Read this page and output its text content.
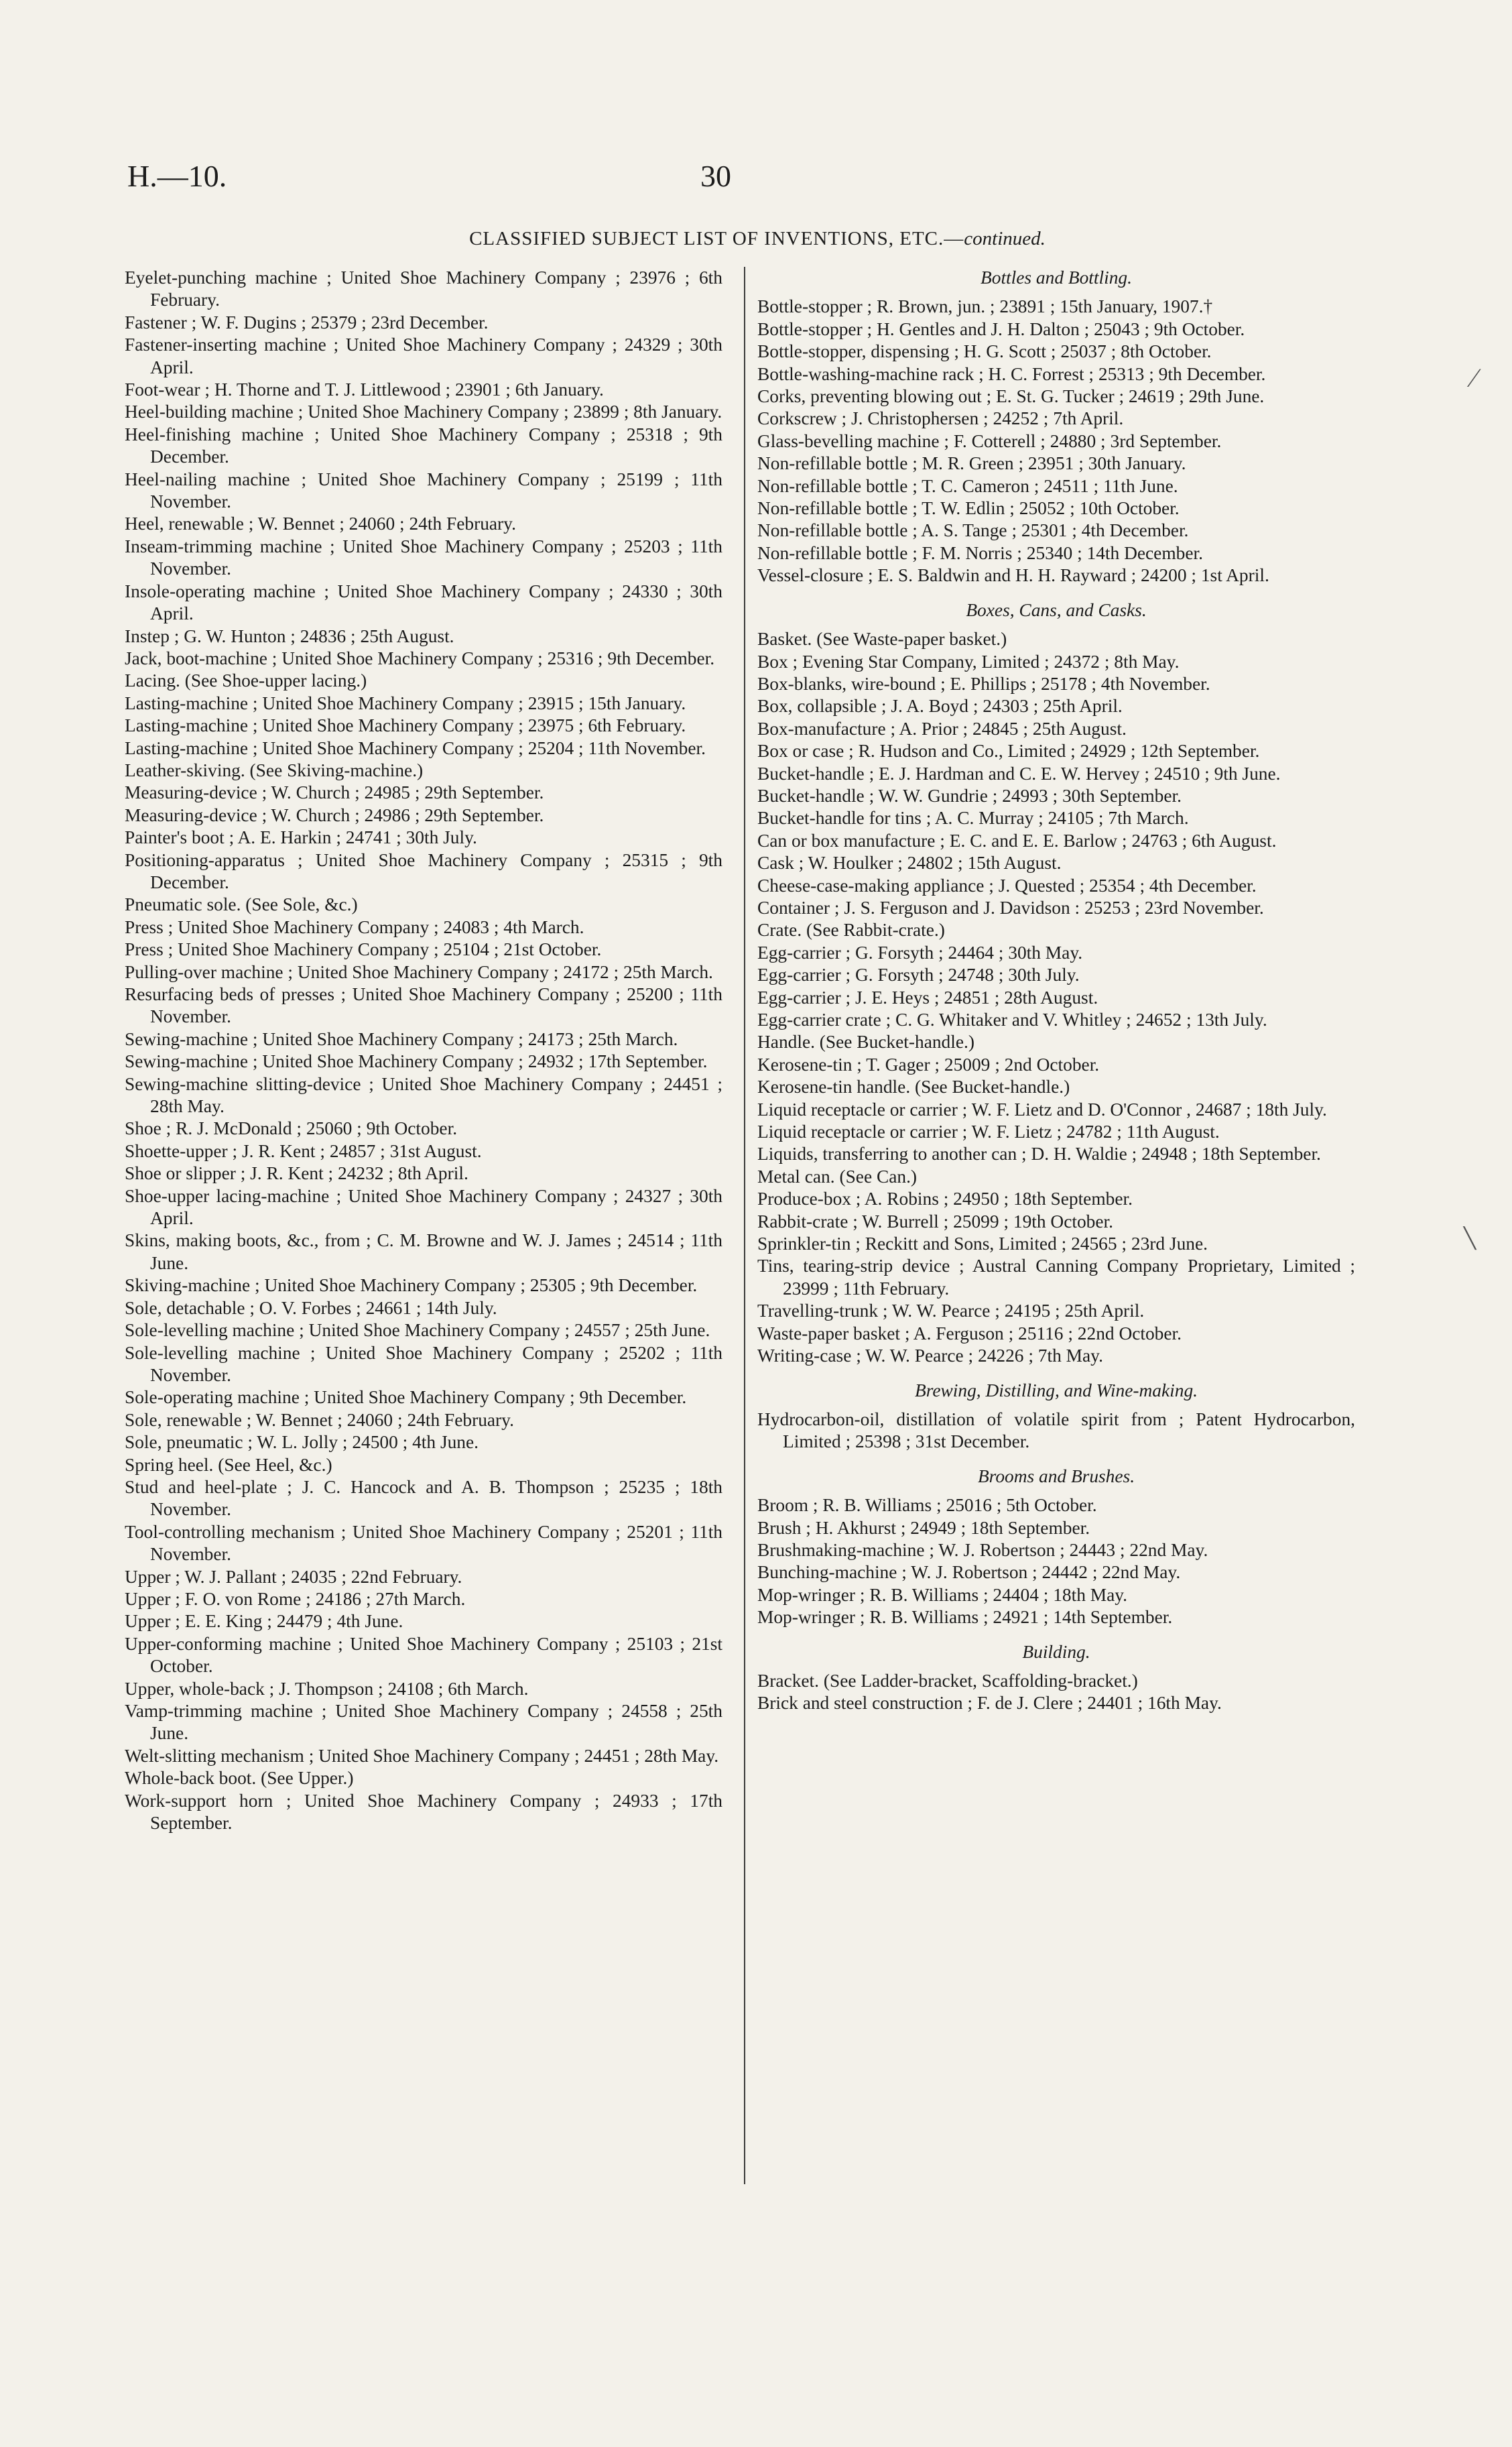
H.—10.	30
CLASSIFIED SUBJECT LIST OF INVENTIONS, ETC.—continued.
Eyelet-punching machine ; United Shoe Machinery Company ; 23976 ; 6th February.
Fastener ; W. F. Dugins ; 25379 ; 23rd December.
Fastener-inserting machine ; United Shoe Machinery Company ; 24329 ; 30th April.
Foot-wear ; H. Thorne and T. J. Littlewood ; 23901 ; 6th January.
Heel-building machine ; United Shoe Machinery Company ; 23899 ; 8th January.
Heel-finishing machine ; United Shoe Machinery Company ; 25318 ; 9th December.
Heel-nailing machine ; United Shoe Machinery Company ; 25199 ; 11th November.
Heel, renewable ; W. Bennet ; 24060 ; 24th February.
Inseam-trimming machine ; United Shoe Machinery Company ; 25203 ; 11th November.
Insole-operating machine ; United Shoe Machinery Company ; 24330 ; 30th April.
Instep ; G. W. Hunton ; 24836 ; 25th August.
Jack, boot-machine ; United Shoe Machinery Company ; 25316 ; 9th December.
Lacing. (See Shoe-upper lacing.)
Lasting-machine ; United Shoe Machinery Company ; 23915 ; 15th January.
Lasting-machine ; United Shoe Machinery Company ; 23975 ; 6th February.
Lasting-machine ; United Shoe Machinery Company ; 25204 ; 11th November.
Leather-skiving. (See Skiving-machine.)
Measuring-device ; W. Church ; 24985 ; 29th September.
Measuring-device ; W. Church ; 24986 ; 29th September.
Painter's boot ; A. E. Harkin ; 24741 ; 30th July.
Positioning-apparatus ; United Shoe Machinery Company ; 25315 ; 9th December.
Pneumatic sole. (See Sole, &c.)
Press ; United Shoe Machinery Company ; 24083 ; 4th March.
Press ; United Shoe Machinery Company ; 25104 ; 21st October.
Pulling-over machine ; United Shoe Machinery Company ; 24172 ; 25th March.
Resurfacing beds of presses ; United Shoe Machinery Company ; 25200 ; 11th November.
Sewing-machine ; United Shoe Machinery Company ; 24173 ; 25th March.
Sewing-machine ; United Shoe Machinery Company ; 24932 ; 17th September.
Sewing-machine slitting-device ; United Shoe Machinery Company ; 24451 ; 28th May.
Shoe ; R. J. McDonald ; 25060 ; 9th October.
Shoette-upper ; J. R. Kent ; 24857 ; 31st August.
Shoe or slipper ; J. R. Kent ; 24232 ; 8th April.
Shoe-upper lacing-machine ; United Shoe Machinery Company ; 24327 ; 30th April.
Skins, making boots, &c., from ; C. M. Browne and W. J. James ; 24514 ; 11th June.
Skiving-machine ; United Shoe Machinery Company ; 25305 ; 9th December.
Sole, detachable ; O. V. Forbes ; 24661 ; 14th July.
Sole-levelling machine ; United Shoe Machinery Company ; 24557 ; 25th June.
Sole-levelling machine ; United Shoe Machinery Company ; 25202 ; 11th November.
Sole-operating machine ; United Shoe Machinery Company ; 9th December.
Sole, renewable ; W. Bennet ; 24060 ; 24th February.
Sole, pneumatic ; W. L. Jolly ; 24500 ; 4th June.
Spring heel. (See Heel, &c.)
Stud and heel-plate ; J. C. Hancock and A. B. Thompson ; 25235 ; 18th November.
Tool-controlling mechanism ; United Shoe Machinery Company ; 25201 ; 11th November.
Upper ; W. J. Pallant ; 24035 ; 22nd February.
Upper ; F. O. von Rome ; 24186 ; 27th March.
Upper ; E. E. King ; 24479 ; 4th June.
Upper-conforming machine ; United Shoe Machinery Company ; 25103 ; 21st October.
Upper, whole-back ; J. Thompson ; 24108 ; 6th March.
Vamp-trimming machine ; United Shoe Machinery Company ; 24558 ; 25th June.
Welt-slitting mechanism ; United Shoe Machinery Company ; 24451 ; 28th May.
Whole-back boot. (See Upper.)
Work-support horn ; United Shoe Machinery Company ; 24933 ; 17th September.
Bottles and Bottling.
Bottle-stopper ; R. Brown, jun. ; 23891 ; 15th January, 1907.†
Bottle-stopper ; H. Gentles and J. H. Dalton ; 25043 ; 9th October.
Bottle-stopper, dispensing ; H. G. Scott ; 25037 ; 8th October.
Bottle-washing-machine rack ; H. C. Forrest ; 25313 ; 9th December.
Corks, preventing blowing out ; E. St. G. Tucker ; 24619 ; 29th June.
Corkscrew ; J. Christophersen ; 24252 ; 7th April.
Glass-bevelling machine ; F. Cotterell ; 24880 ; 3rd September.
Non-refillable bottle ; M. R. Green ; 23951 ; 30th January.
Non-refillable bottle ; T. C. Cameron ; 24511 ; 11th June.
Non-refillable bottle ; T. W. Edlin ; 25052 ; 10th October.
Non-refillable bottle ; A. S. Tange ; 25301 ; 4th December.
Non-refillable bottle ; F. M. Norris ; 25340 ; 14th December.
Vessel-closure ; E. S. Baldwin and H. H. Rayward ; 24200 ; 1st April.
Boxes, Cans, and Casks.
Basket. (See Waste-paper basket.)
Box ; Evening Star Company, Limited ; 24372 ; 8th May.
Box-blanks, wire-bound ; E. Phillips ; 25178 ; 4th November.
Box, collapsible ; J. A. Boyd ; 24303 ; 25th April.
Box-manufacture ; A. Prior ; 24845 ; 25th August.
Box or case ; R. Hudson and Co., Limited ; 24929 ; 12th September.
Bucket-handle ; E. J. Hardman and C. E. W. Hervey ; 24510 ; 9th June.
Bucket-handle ; W. W. Gundrie ; 24993 ; 30th September.
Bucket-handle for tins ; A. C. Murray ; 24105 ; 7th March.
Can or box manufacture ; E. C. and E. E. Barlow ; 24763 ; 6th August.
Cask ; W. Houlker ; 24802 ; 15th August.
Cheese-case-making appliance ; J. Quested ; 25354 ; 4th December.
Container ; J. S. Ferguson and J. Davidson : 25253 ; 23rd November.
Crate. (See Rabbit-crate.)
Egg-carrier ; G. Forsyth ; 24464 ; 30th May.
Egg-carrier ; G. Forsyth ; 24748 ; 30th July.
Egg-carrier ; J. E. Heys ; 24851 ; 28th August.
Egg-carrier crate ; C. G. Whitaker and V. Whitley ; 24652 ; 13th July.
Handle. (See Bucket-handle.)
Kerosene-tin ; T. Gager ; 25009 ; 2nd October.
Kerosene-tin handle. (See Bucket-handle.)
Liquid receptacle or carrier ; W. F. Lietz and D. O'Connor , 24687 ; 18th July.
Liquid receptacle or carrier ; W. F. Lietz ; 24782 ; 11th August.
Liquids, transferring to another can ; D. H. Waldie ; 24948 ; 18th September.
Metal can. (See Can.)
Produce-box ; A. Robins ; 24950 ; 18th September.
Rabbit-crate ; W. Burrell ; 25099 ; 19th October.
Sprinkler-tin ; Reckitt and Sons, Limited ; 24565 ; 23rd June.
Tins, tearing-strip device ; Austral Canning Company Proprietary, Limited ; 23999 ; 11th February.
Travelling-trunk ; W. W. Pearce ; 24195 ; 25th April.
Waste-paper basket ; A. Ferguson ; 25116 ; 22nd October.
Writing-case ; W. W. Pearce ; 24226 ; 7th May.
Brewing, Distilling, and Wine-making.
Hydrocarbon-oil, distillation of volatile spirit from ; Patent Hydrocarbon, Limited ; 25398 ; 31st December.
Brooms and Brushes.
Broom ; R. B. Williams ; 25016 ; 5th October.
Brush ; H. Akhurst ; 24949 ; 18th September.
Brushmaking-machine ; W. J. Robertson ; 24443 ; 22nd May.
Bunching-machine ; W. J. Robertson ; 24442 ; 22nd May.
Mop-wringer ; R. B. Williams ; 24404 ; 18th May.
Mop-wringer ; R. B. Williams ; 24921 ; 14th September.
Building.
Bracket. (See Ladder-bracket, Scaffolding-bracket.)
Brick and steel construction ; F. de J. Clere ; 24401 ; 16th May.
⁄
╲
